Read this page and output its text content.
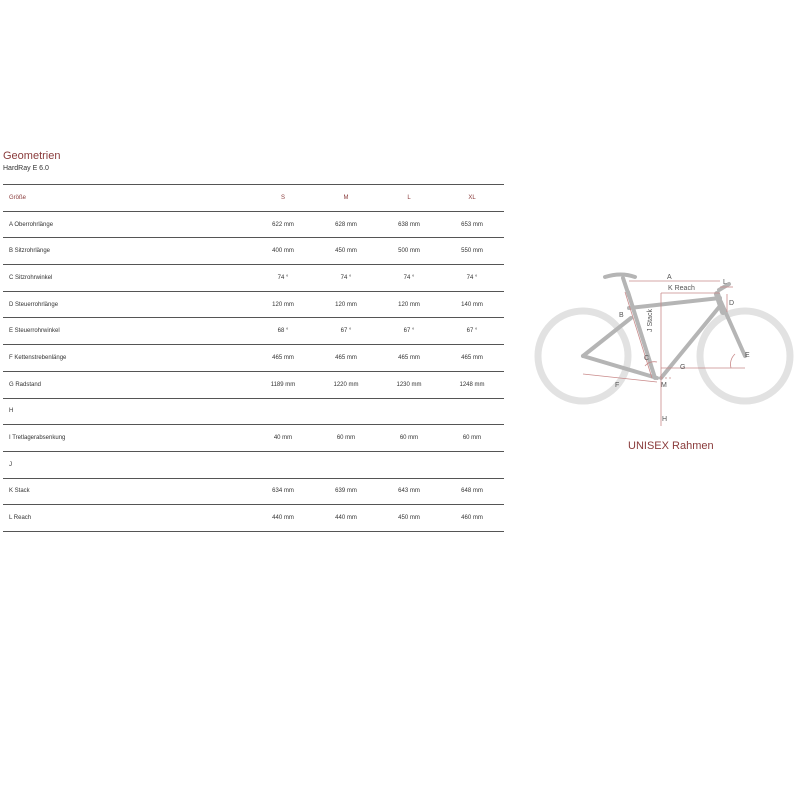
Geometrien
HardRay E 6.0
Größe	S	M	L	XL
A Oberrohrlänge	622 mm	628 mm	638 mm	653 mm
B Sitzrohrlänge	400 mm	450 mm	500 mm	550 mm
C Sitzrohrwinkel	74 °	74 °	74 °	74 °
D Steuerrohrlänge	120 mm	120 mm	120 mm	140 mm
E Steuerrohrwinkel	68 °	67 °	67 °	67 °
F Kettenstrebenlänge	465 mm	465 mm	465 mm	465 mm
G Radstand	1189 mm	1220 mm	1230 mm	1248 mm
H
I Tretlagerabsenkung	40 mm	60 mm	60 mm	60 mm
J
K Stack	634 mm	639 mm	643 mm	648 mm
L Reach	440 mm	440 mm	450 mm	460 mm
A
K Reach
L
D
B	J Stack
C	E
G
F	M
H
UNISEX Rahmen
